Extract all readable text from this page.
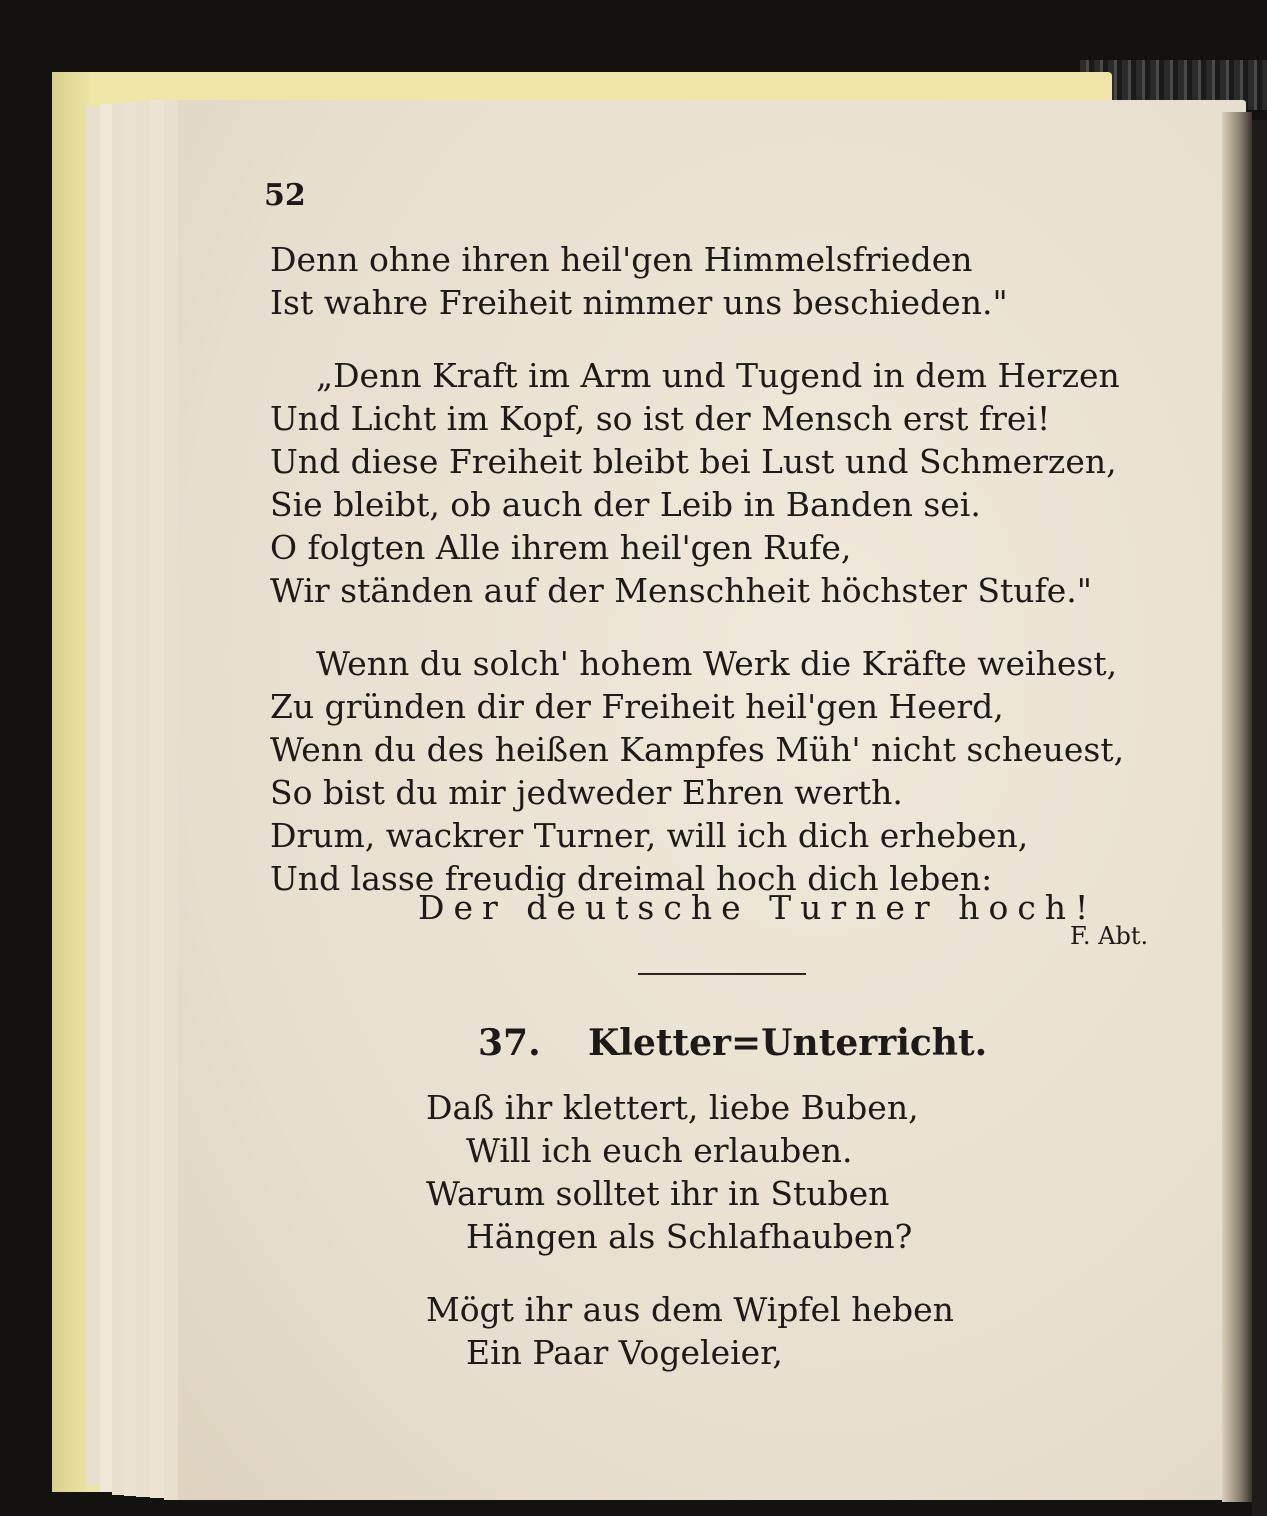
52
Denn ohne ihren heil'gen Himmelsfrieden
Ist wahre Freiheit nimmer uns beschieden."
„Denn Kraft im Arm und Tugend in dem Herzen
Und Licht im Kopf, so ist der Mensch erst frei!
Und diese Freiheit bleibt bei Lust und Schmerzen,
Sie bleibt, ob auch der Leib in Banden sei.
O folgten Alle ihrem heil'gen Rufe,
Wir ständen auf der Menschheit höchster Stufe."
Wenn du solch' hohem Werk die Kräfte weihest,
Zu gründen dir der Freiheit heil'gen Heerd,
Wenn du des heißen Kampfes Müh' nicht scheuest,
So bist du mir jedweder Ehren werth.
Drum, wackrer Turner, will ich dich erheben,
Und lasse freudig dreimal hoch dich leben:
Der deutsche Turner hoch!
F. Abt.
37. Kletter=Unterricht.
Daß ihr klettert, liebe Buben,
Will ich euch erlauben.
Warum solltet ihr in Stuben
Hängen als Schlafhauben?
Mögt ihr aus dem Wipfel heben
Ein Paar Vogeleier,
